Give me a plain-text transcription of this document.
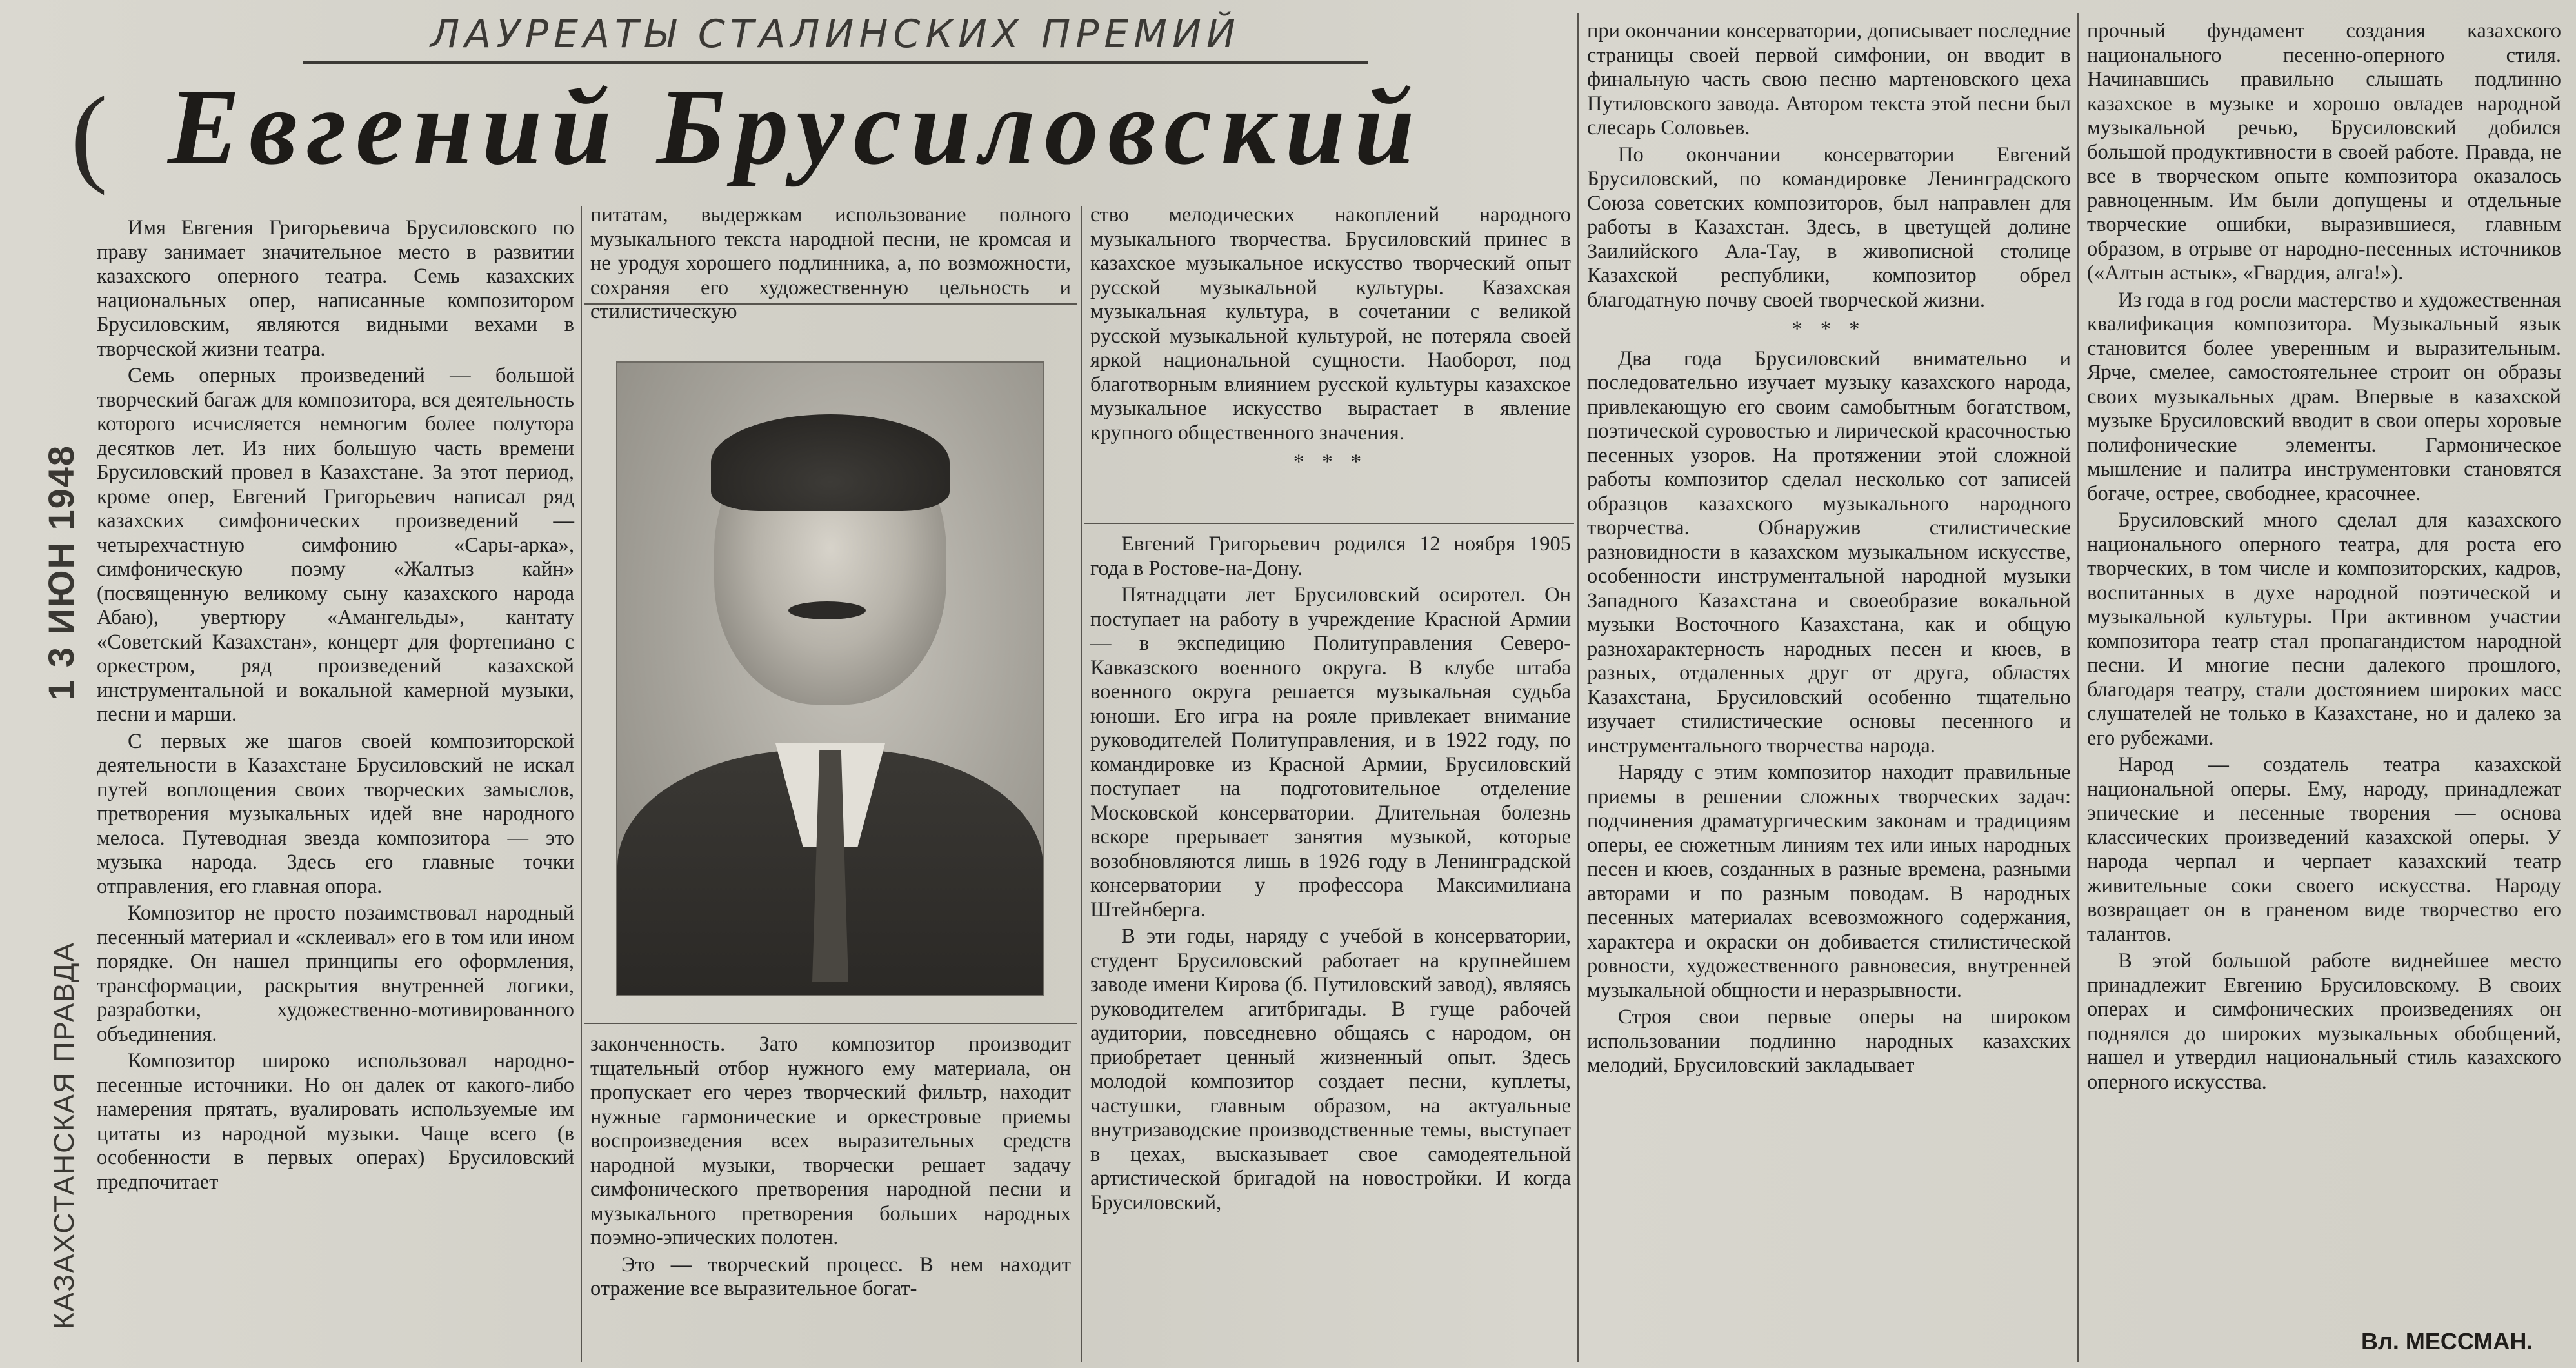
КАЗАХСТАНСКАЯ ПРАВДА 1 3 ИЮН 1948
ЛАУРЕАТЫ СТАЛИНСКИХ ПРЕМИЙ
( Евгений Брусиловский

Имя Евгения Григорьевича Брусиловского по праву занимает значительное место в развитии казахского оперного театра. Семь казахских национальных опер, написанные композитором Брусиловским, являются видными вехами в творческой жизни театра.

Семь оперных произведений — большой творческий багаж для композитора, вся деятельность которого исчисляется немногим более полутора десятков лет. Из них большую часть времени Брусиловский провел в Казахстане. За этот период, кроме опер, Евгений Григорьевич написал ряд казахских симфонических произведений — четырехчастную симфонию «Сары-арка», симфоническую поэму «Жалтыз кайн» (посвященную великому сыну казахского народа Абаю), увертюру «Амангельды», кантату «Советский Казахстан», концерт для фортепиано с оркестром, ряд произведений казахской инструментальной и вокальной камерной музыки, песни и марши.

С первых же шагов своей композиторской деятельности в Казахстане Брусиловский не искал путей воплощения своих творческих замыслов, претворения музыкальных идей вне народного мелоса. Путеводная звезда композитора — это музыка народа. Здесь его главные точки отправления, его главная опора.

Композитор не просто позаимствовал народный песенный материал и «склеивал» его в том или ином порядке. Он нашел принципы его оформления, трансформации, раскрытия внутренней логики, разработки, художественно-мотивированного объединения.

Композитор широко использовал народно-песенные источники. Но он далек от какого-либо намерения прятать, вуалировать используемые им цитаты из народной музыки. Чаще всего (в особенности в первых операх) Брусиловский предпочитает

питатам, выдержкам использование полного музыкального текста народной песни, не кромсая и не уродуя хорошего подлинника, а, по возможности, сохраняя его художественную цельность и стилистическую

законченность. Зато композитор производит тщательный отбор нужного ему материала, он пропускает его через творческий фильтр, находит нужные гармонические и оркестровые приемы воспроизведения всех выразительных средств народной музыки, творчески решает задачу симфонического претворения народной песни и музыкального претворения больших народных поэмно-эпических полотен.

Это — творческий процесс. В нем находит отражение все выразительное богат-

ство мелодических накоплений народного музыкального творчества. Брусиловский принес в казахское музыкальное искусство творческий опыт русской музыкальной культуры. Казахская музыкальная культура, в сочетании с великой русской музыкальной культурой, не потеряла своей яркой национальной сущности. Наоборот, под благотворным влиянием русской культуры казахское музыкальное искусство вырастает в явление крупного общественного значения.

* * *

Евгений Григорьевич родился 12 ноября 1905 года в Ростове-на-Дону.

Пятнадцати лет Брусиловский осиротел. Он поступает на работу в учреждение Красной Армии — в экспедицию Политуправления Северо-Кавказского военного округа. В клубе штаба военного округа решается музыкальная судьба юноши. Его игра на рояле привлекает внимание руководителей Политуправления, и в 1922 году, по командировке из Красной Армии, Брусиловский поступает на подготовительное отделение Московской консерватории. Длительная болезнь вскоре прерывает занятия музыкой, которые возобновляются лишь в 1926 году в Ленинградской консерватории у профессора Максимилиана Штейнберга.

В эти годы, наряду с учебой в консерватории, студент Брусиловский работает на крупнейшем заводе имени Кирова (б. Путиловский завод), являясь руководителем агитбригады. В гуще рабочей аудитории, повседневно общаясь с народом, он приобретает ценный жизненный опыт. Здесь молодой композитор создает песни, куплеты, частушки, главным образом, на актуальные внутризаводские производственные темы, выступает в цехах, высказывает свое самодеятельной артистической бригадой на новостройки. И когда Брусиловский,

при окончании консерватории, дописывает последние страницы своей первой симфонии, он вводит в финальную часть свою песню мартеновского цеха Путиловского завода. Автором текста этой песни был слесарь Соловьев.

По окончании консерватории Евгений Брусиловский, по командировке Ленинградского Союза советских композиторов, был направлен для работы в Казахстан. Здесь, в цветущей долине Заилийского Ала-Тау, в живописной столице Казахской республики, композитор обрел благодатную почву своей творческой жизни.

* * *

Два года Брусиловский внимательно и последовательно изучает музыку казахского народа, привлекающую его своим самобытным богатством, поэтической суровостью и лирической красочностью песенных узоров. На протяжении этой сложной работы композитор сделал несколько сот записей образцов казахского музыкального народного творчества. Обнаружив стилистические разновидности в казахском музыкальном искусстве, особенности инструментальной народной музыки Западного Казахстана и своеобразие вокальной музыки Восточного Казахстана, как и общую разнохарактерность народных песен и кюев, в разных, отдаленных друг от друга, областях Казахстана, Брусиловский особенно тщательно изучает стилистические основы песенного и инструментального творчества народа.

Наряду с этим композитор находит правильные приемы в решении сложных творческих задач: подчинения драматургическим законам и традициям оперы, ее сюжетным линиям тех или иных народных песен и кюев, созданных в разные времена, разными авторами и по разным поводам. В народных песенных материалах всевозможного содержания, характера и окраски он добивается стилистической ровности, художественного равновесия, внутренней музыкальной общности и неразрывности.

Строя свои первые оперы на широком использовании подлинно народных казахских мелодий, Брусиловский закладывает

прочный фундамент создания казахского национального песенно-оперного стиля. Начинавшись правильно слышать подлинно казахское в музыке и хорошо овладев народной музыкальной речью, Брусиловский добился большой продуктивности в своей работе. Правда, не все в творческом опыте композитора оказалось равноценным. Им были допущены и отдельные творческие ошибки, выразившиеся, главным образом, в отрыве от народно-песенных источников («Алтын астык», «Гвардия, алга!»).

Из года в год росли мастерство и художественная квалификация композитора. Музыкальный язык становится более уверенным и выразительным. Ярче, смелее, самостоятельнее строит он образы своих музыкальных драм. Впервые в казахской музыке Брусиловский вводит в свои оперы хоровые полифонические элементы. Гармоническое мышление и палитра инструментовки становятся богаче, острее, свободнее, красочнее.

Брусиловский много сделал для казахского национального оперного театра, для роста его творческих, в том числе и композиторских, кадров, воспитанных в духе народной поэтической и музыкальной культуры. При активном участии композитора театр стал пропагандистом народной песни. И многие песни далекого прошлого, благодаря театру, стали достоянием широких масс слушателей не только в Казахстане, но и далеко за его рубежами.

Народ — создатель театра казахской национальной оперы. Ему, народу, принадлежат эпические и песенные творения — основа классических произведений казахской оперы. У народа черпал и черпает казахский театр живительные соки своего искусства. Народу возвращает он в граненом виде творчество его талантов.

В этой большой работе виднейшее место принадлежит Евгению Брусиловскому. В своих операх и симфонических произведениях он поднялся до широких музыкальных обобщений, нашел и утвердил национальный стиль казахского оперного искусства.

Вл. МЕССМАН.
